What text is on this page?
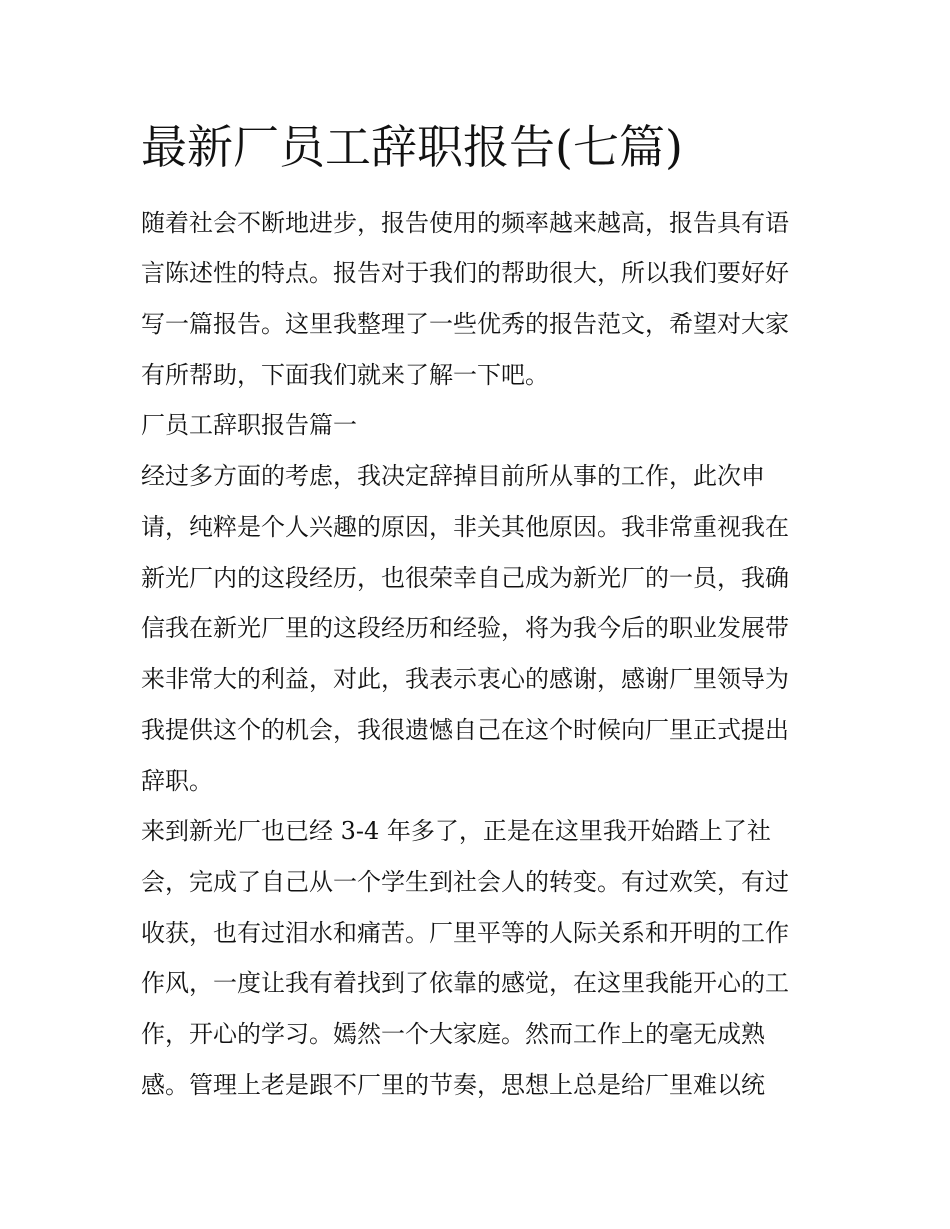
最新厂员工辞职报告(七篇)
随着社会不断地进步，报告使用的频率越来越高，报告具有语
言陈述性的特点。报告对于我们的帮助很大，所以我们要好好
写一篇报告。这里我整理了一些优秀的报告范文，希望对大家
有所帮助，下面我们就来了解一下吧。
厂员工辞职报告篇一
经过多方面的考虑，我决定辞掉目前所从事的工作，此次申
请，纯粹是个人兴趣的原因，非关其他原因。我非常重视我在
新光厂内的这段经历，也很荣幸自己成为新光厂的一员，我确
信我在新光厂里的这段经历和经验，将为我今后的职业发展带
来非常大的利益，对此，我表示衷心的感谢，感谢厂里领导为
我提供这个的机会，我很遗憾自己在这个时候向厂里正式提出
辞职。
来到新光厂也已经 3-4 年多了，正是在这里我开始踏上了社
会，完成了自己从一个学生到社会人的转变。有过欢笑，有过
收获，也有过泪水和痛苦。厂里平等的人际关系和开明的工作
作风，一度让我有着找到了依靠的感觉，在这里我能开心的工
作，开心的学习。嫣然一个大家庭。然而工作上的毫无成熟
感。管理上老是跟不厂里的节奏，思想上总是给厂里难以统
